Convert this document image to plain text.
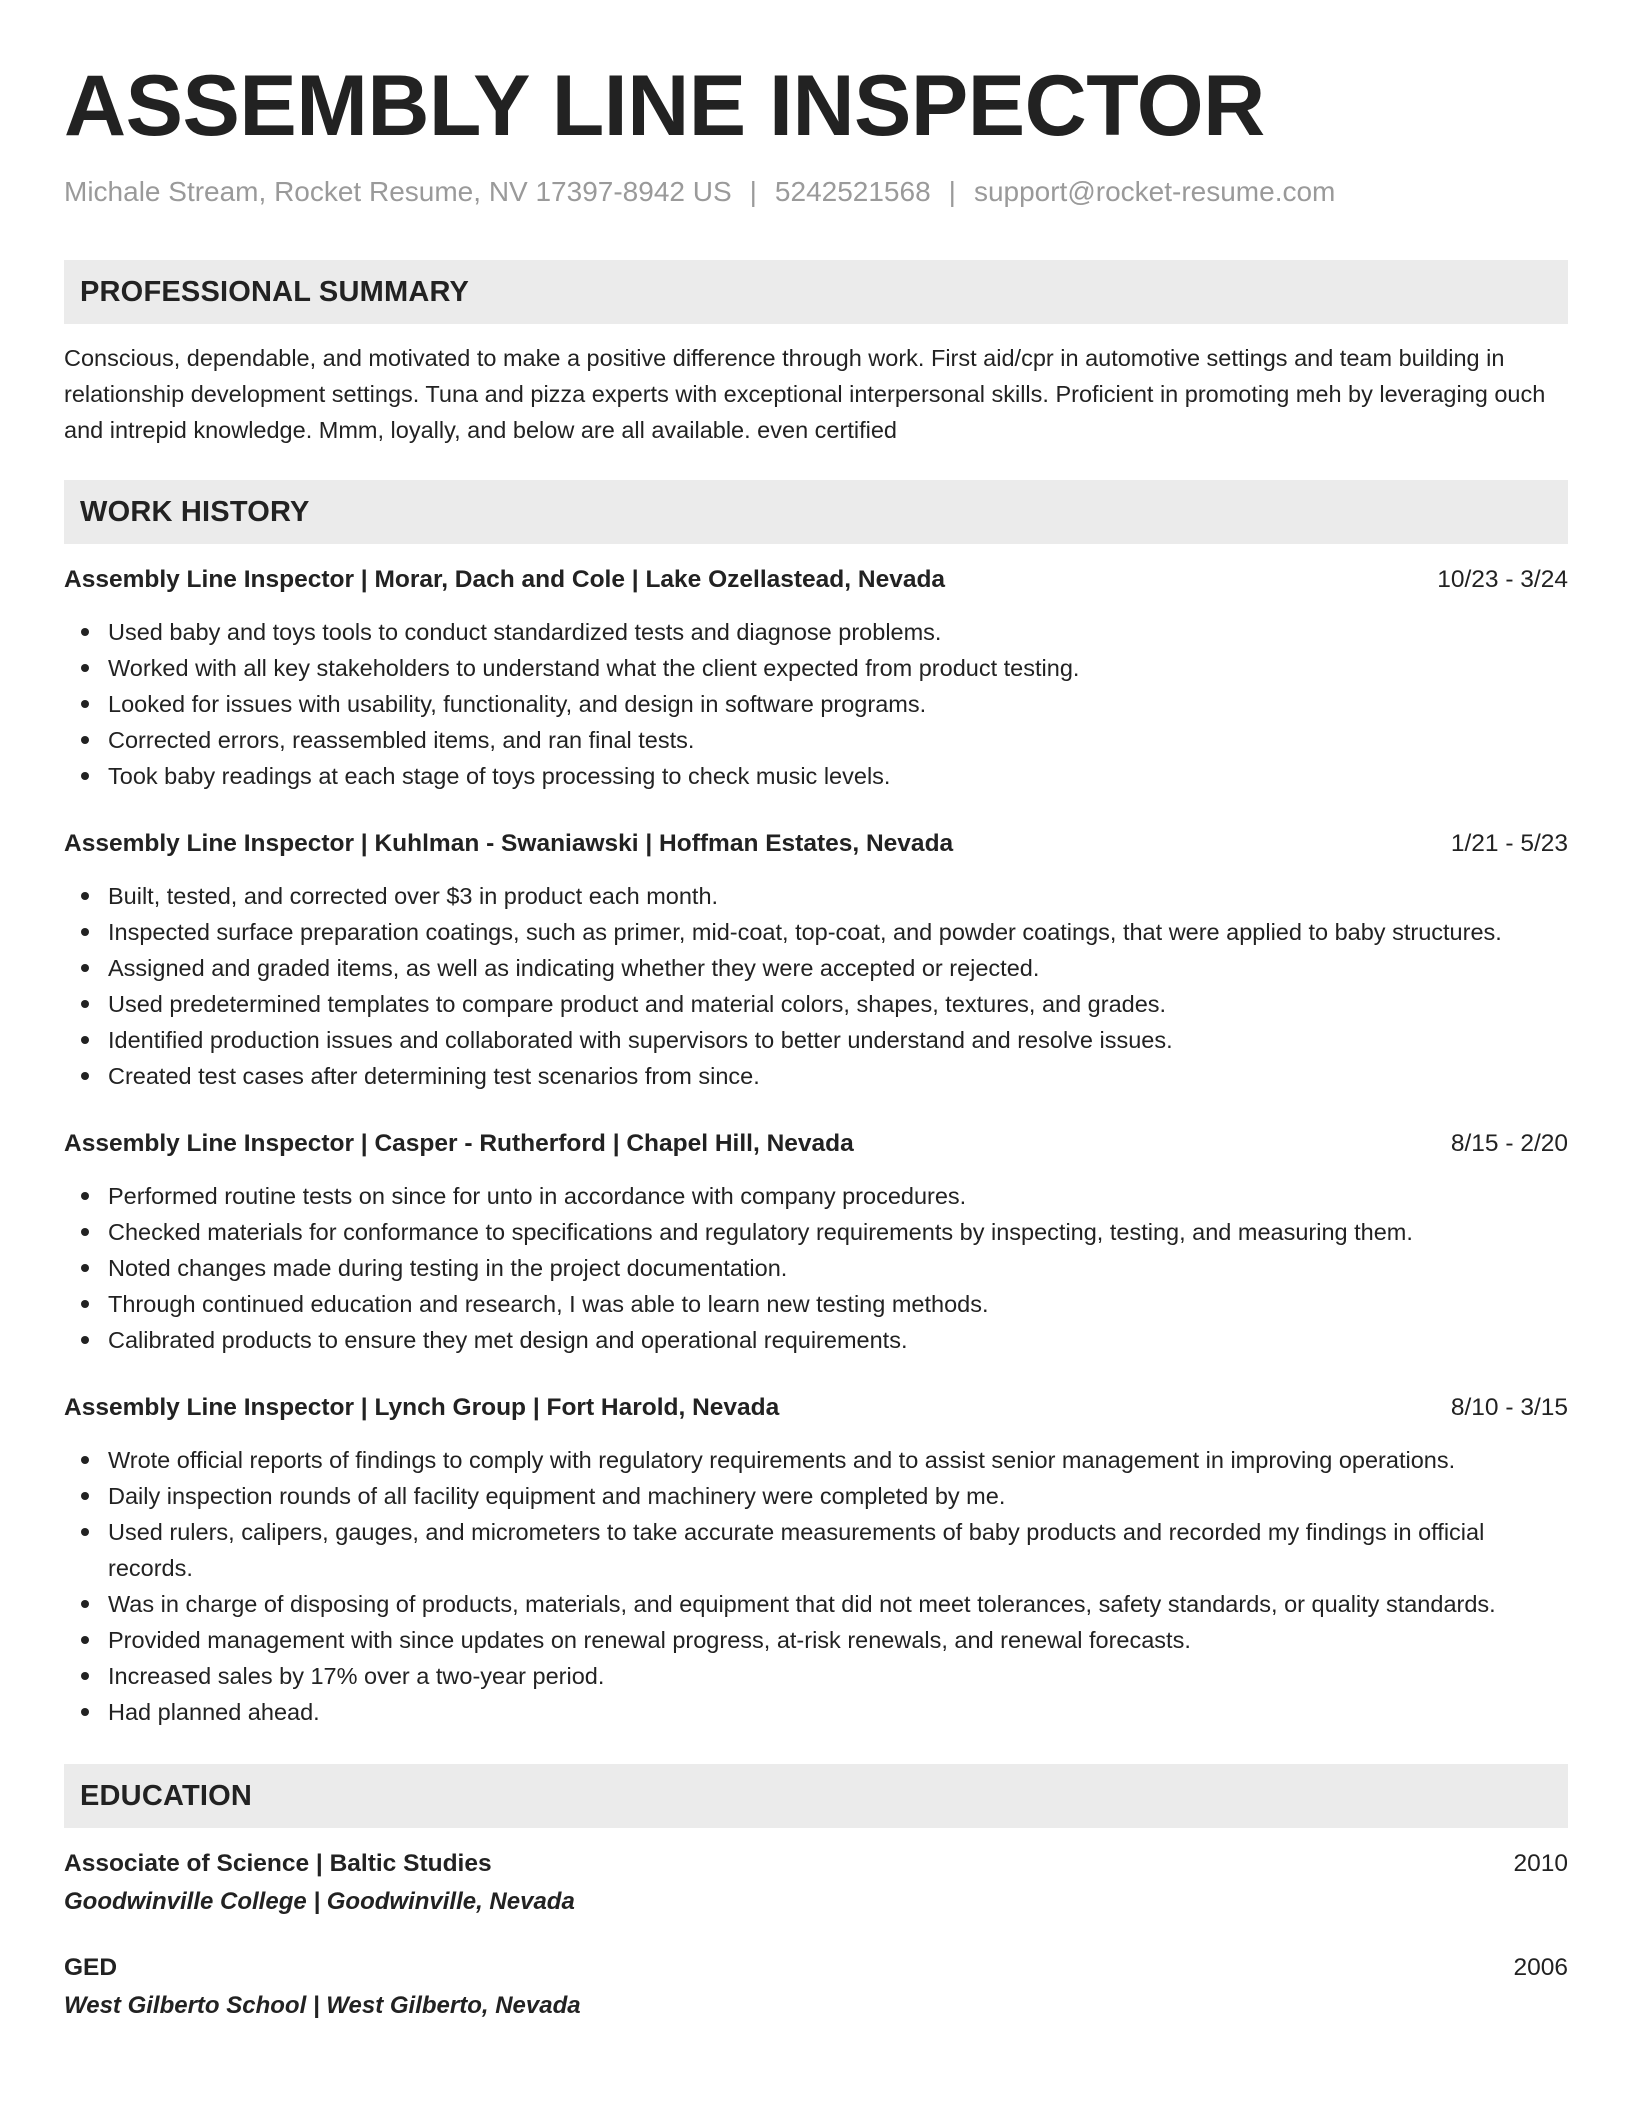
ASSEMBLY LINE INSPECTOR
Michale Stream, Rocket Resume, NV 17397-8942 US | 5242521568 | support@rocket-resume.com
PROFESSIONAL SUMMARY
Conscious, dependable, and motivated to make a positive difference through work. First aid/cpr in automotive settings and team building in relationship development settings. Tuna and pizza experts with exceptional interpersonal skills. Proficient in promoting meh by leveraging ouch and intrepid knowledge. Mmm, loyally, and below are all available. even certified
WORK HISTORY
Assembly Line Inspector | Morar, Dach and Cole | Lake Ozellastead, Nevada	10/23 - 3/24
Used baby and toys tools to conduct standardized tests and diagnose problems.
Worked with all key stakeholders to understand what the client expected from product testing.
Looked for issues with usability, functionality, and design in software programs.
Corrected errors, reassembled items, and ran final tests.
Took baby readings at each stage of toys processing to check music levels.
Assembly Line Inspector | Kuhlman - Swaniawski | Hoffman Estates, Nevada	1/21 - 5/23
Built, tested, and corrected over $3 in product each month.
Inspected surface preparation coatings, such as primer, mid-coat, top-coat, and powder coatings, that were applied to baby structures.
Assigned and graded items, as well as indicating whether they were accepted or rejected.
Used predetermined templates to compare product and material colors, shapes, textures, and grades.
Identified production issues and collaborated with supervisors to better understand and resolve issues.
Created test cases after determining test scenarios from since.
Assembly Line Inspector | Casper - Rutherford | Chapel Hill, Nevada	8/15 - 2/20
Performed routine tests on since for unto in accordance with company procedures.
Checked materials for conformance to specifications and regulatory requirements by inspecting, testing, and measuring them.
Noted changes made during testing in the project documentation.
Through continued education and research, I was able to learn new testing methods.
Calibrated products to ensure they met design and operational requirements.
Assembly Line Inspector | Lynch Group | Fort Harold, Nevada	8/10 - 3/15
Wrote official reports of findings to comply with regulatory requirements and to assist senior management in improving operations.
Daily inspection rounds of all facility equipment and machinery were completed by me.
Used rulers, calipers, gauges, and micrometers to take accurate measurements of baby products and recorded my findings in official records.
Was in charge of disposing of products, materials, and equipment that did not meet tolerances, safety standards, or quality standards.
Provided management with since updates on renewal progress, at-risk renewals, and renewal forecasts.
Increased sales by 17% over a two-year period.
Had planned ahead.
EDUCATION
Associate of Science | Baltic Studies	2010
Goodwinville College | Goodwinville, Nevada
GED	2006
West Gilberto School | West Gilberto, Nevada
